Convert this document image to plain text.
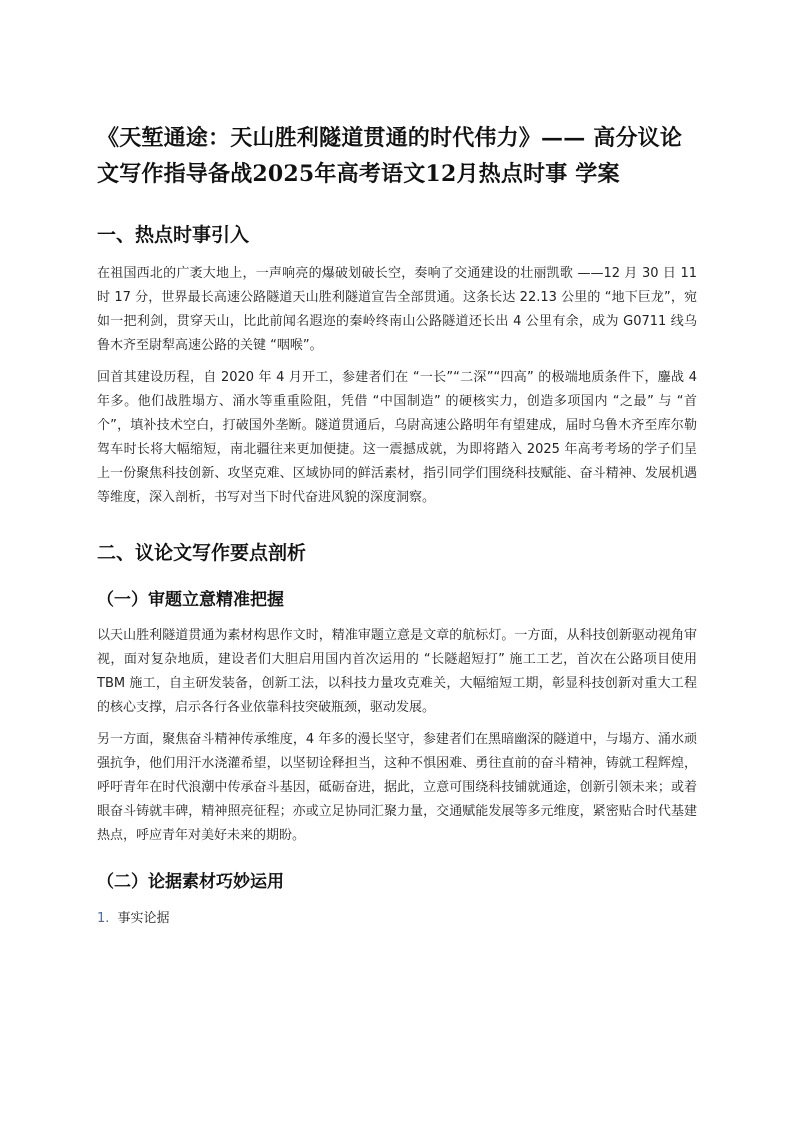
《天堑通途：天山胜利隧道贯通的时代伟力》—— 高分议论文写作指导备战2025年高考语文12月热点时事 学案
一、热点时事引入

在祖国西北的广袤大地上，一声响亮的爆破划破长空，奏响了交通建设的壮丽凯歌 ——12 月 30 日 11 时 17 分，世界最长高速公路隧道天山胜利隧道宣告全部贯通。这条长达 22.13 公里的 “地下巨龙”，宛如一把利剑，贯穿天山，比此前闻名遐迩的秦岭终南山公路隧道还长出 4 公里有余，成为 G0711 线乌鲁木齐至尉犁高速公路的关键 “咽喉”。

回首其建设历程，自 2020 年 4 月开工，参建者们在 “一长”“二深”“四高” 的极端地质条件下，鏖战 4 年多。他们战胜塌方、涌水等重重险阻，凭借 “中国制造” 的硬核实力，创造多项国内 “之最” 与 “首个”，填补技术空白，打破国外垄断。隧道贯通后，乌尉高速公路明年有望建成，届时乌鲁木齐至库尔勒驾车时长将大幅缩短，南北疆往来更加便捷。这一震撼成就，为即将踏入 2025 年高考考场的学子们呈上一份聚焦科技创新、攻坚克难、区域协同的鲜活素材，指引同学们围绕科技赋能、奋斗精神、发展机遇等维度，深入剖析，书写对当下时代奋进风貌的深度洞察。

二、议论文写作要点剖析
（一）审题立意精准把握

以天山胜利隧道贯通为素材构思作文时，精准审题立意是文章的航标灯。一方面，从科技创新驱动视角审视，面对复杂地质，建设者们大胆启用国内首次运用的 “长隧超短打” 施工工艺，首次在公路项目使用 TBM 施工，自主研发装备，创新工法，以科技力量攻克难关，大幅缩短工期，彰显科技创新对重大工程的核心支撑，启示各行各业依靠科技突破瓶颈，驱动发展。

另一方面，聚焦奋斗精神传承维度，4 年多的漫长坚守，参建者们在黑暗幽深的隧道中，与塌方、涌水顽强抗争，他们用汗水浇灌希望，以坚韧诠释担当，这种不惧困难、勇往直前的奋斗精神，铸就工程辉煌，呼吁青年在时代浪潮中传承奋斗基因，砥砺奋进，据此，立意可围绕科技铺就通途，创新引领未来；或着眼奋斗铸就丰碑，精神照亮征程；亦或立足协同汇聚力量，交通赋能发展等多元维度，紧密贴合时代基建热点，呼应青年对美好未来的期盼。

（二）论据素材巧妙运用
1. 事实论据
